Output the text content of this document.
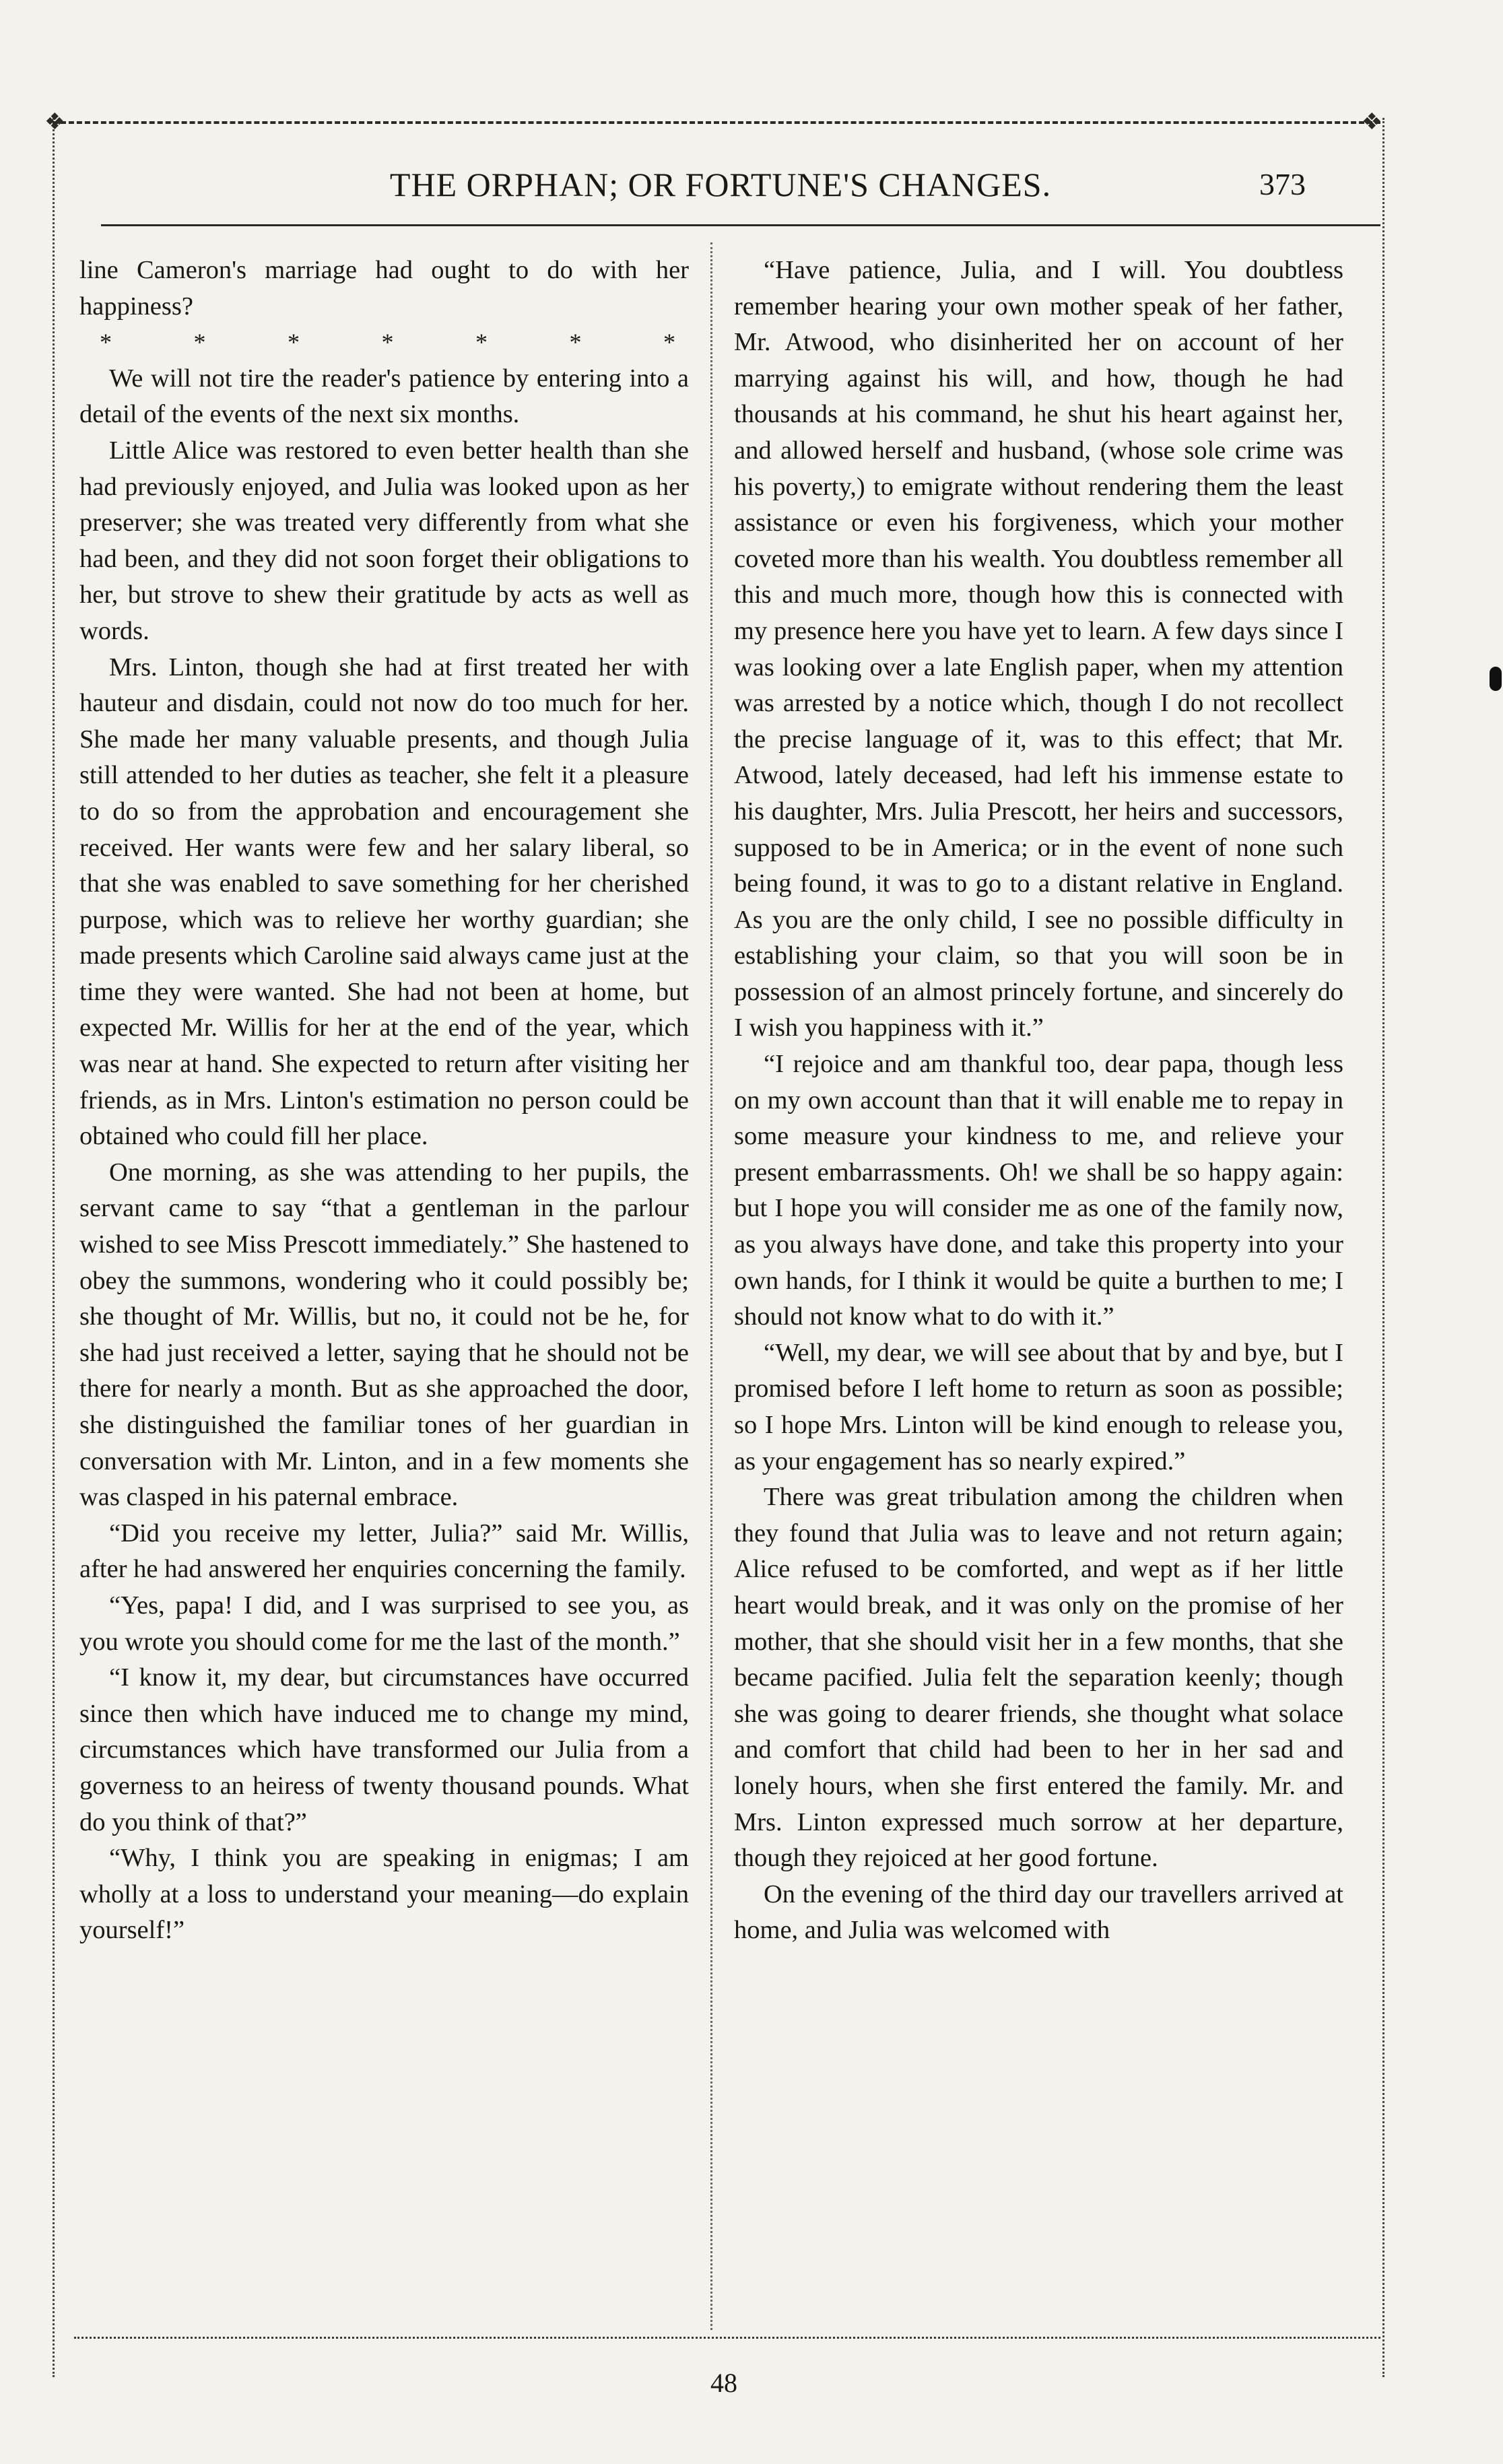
❖	❖
THE ORPHAN; OR FORTUNE'S CHANGES.	373

line Cameron's marriage had ought to do with her happiness?

*	*	*	*	*	*	*

We will not tire the reader's patience by entering into a detail of the events of the next six months.

Little Alice was restored to even better health than she had previously enjoyed, and Julia was looked upon as her preserver; she was treated very differently from what she had been, and they did not soon forget their obligations to her, but strove to shew their gratitude by acts as well as words.

Mrs. Linton, though she had at first treated her with hauteur and disdain, could not now do too much for her. She made her many valuable presents, and though Julia still attended to her duties as teacher, she felt it a pleasure to do so from the approbation and encouragement she received. Her wants were few and her salary liberal, so that she was enabled to save something for her cherished purpose, which was to relieve her worthy guardian; she made presents which Caroline said always came just at the time they were wanted. She had not been at home, but expected Mr. Willis for her at the end of the year, which was near at hand. She expected to return after visiting her friends, as in Mrs. Linton's estimation no person could be obtained who could fill her place.

One morning, as she was attending to her pupils, the servant came to say “that a gentleman in the parlour wished to see Miss Prescott immediately.” She hastened to obey the summons, wondering who it could possibly be; she thought of Mr. Willis, but no, it could not be he, for she had just received a letter, saying that he should not be there for nearly a month. But as she approached the door, she distinguished the familiar tones of her guardian in conversation with Mr. Linton, and in a few moments she was clasped in his paternal embrace.

“Did you receive my letter, Julia?” said Mr. Willis, after he had answered her enquiries concerning the family.

“Yes, papa! I did, and I was surprised to see you, as you wrote you should come for me the last of the month.”

“I know it, my dear, but circumstances have occurred since then which have induced me to change my mind, circumstances which have transformed our Julia from a governess to an heiress of twenty thousand pounds. What do you think of that?”

“Why, I think you are speaking in enigmas; I am wholly at a loss to understand your meaning—do explain yourself!”

“Have patience, Julia, and I will. You doubtless remember hearing your own mother speak of her father, Mr. Atwood, who disinherited her on account of her marrying against his will, and how, though he had thousands at his command, he shut his heart against her, and allowed herself and husband, (whose sole crime was his poverty,) to emigrate without rendering them the least assistance or even his forgiveness, which your mother coveted more than his wealth. You doubtless remember all this and much more, though how this is connected with my presence here you have yet to learn. A few days since I was looking over a late English paper, when my attention was arrested by a notice which, though I do not recollect the precise language of it, was to this effect; that Mr. Atwood, lately deceased, had left his immense estate to his daughter, Mrs. Julia Prescott, her heirs and successors, supposed to be in America; or in the event of none such being found, it was to go to a distant relative in England. As you are the only child, I see no possible difficulty in establishing your claim, so that you will soon be in possession of an almost princely fortune, and sincerely do I wish you happiness with it.”

“I rejoice and am thankful too, dear papa, though less on my own account than that it will enable me to repay in some measure your kindness to me, and relieve your present embarrassments. Oh! we shall be so happy again: but I hope you will consider me as one of the family now, as you always have done, and take this property into your own hands, for I think it would be quite a burthen to me; I should not know what to do with it.”

“Well, my dear, we will see about that by and bye, but I promised before I left home to return as soon as possible; so I hope Mrs. Linton will be kind enough to release you, as your engagement has so nearly expired.”

There was great tribulation among the children when they found that Julia was to leave and not return again; Alice refused to be comforted, and wept as if her little heart would break, and it was only on the promise of her mother, that she should visit her in a few months, that she became pacified. Julia felt the separation keenly; though she was going to dearer friends, she thought what solace and comfort that child had been to her in her sad and lonely hours, when she first entered the family. Mr. and Mrs. Linton expressed much sorrow at her departure, though they rejoiced at her good fortune.

On the evening of the third day our travellers arrived at home, and Julia was welcomed with

48
